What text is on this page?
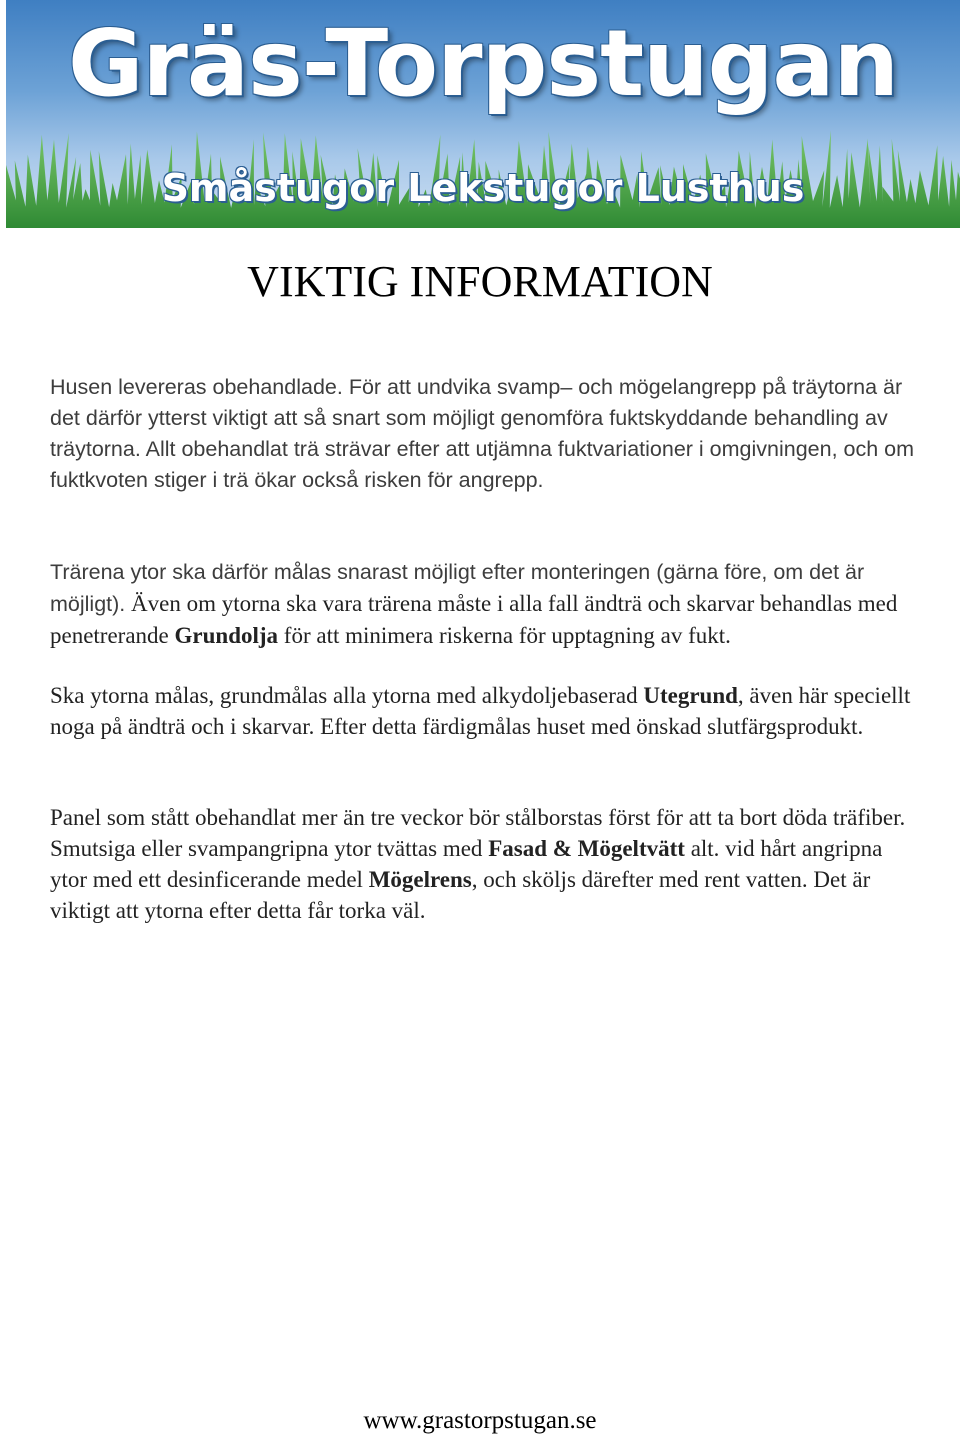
Gräs-Torpstugan
Småstugor Lekstugor Lusthus
VIKTIG INFORMATION

Husen levereras obehandlade. För att undvika svamp– och mögelangrepp på träytorna är det därför ytterst viktigt att så snart som möjligt genomföra fuktskyddande behandling av träytorna. Allt obehandlat trä strävar efter att utjämna fuktvariationer i omgivningen, och om fuktkvoten stiger i trä ökar också risken för angrepp.

Trärena ytor ska därför målas snarast möjligt efter monteringen (gärna före, om det är möjligt). Även om ytorna ska vara trärena måste i alla fall ändträ och skarvar behandlas med penetrerande Grundolja för att minimera riskerna för upptagning av fukt.

Ska ytorna målas, grundmålas alla ytorna med alkydoljebaserad Utegrund, även här speciellt noga på ändträ och i skarvar. Efter detta färdigmålas huset med önskad slutfärgsprodukt.

Panel som stått obehandlat mer än tre veckor bör stålborstas först för att ta bort döda träfiber. Smutsiga eller svampangripna ytor tvättas med Fasad & Mögeltvätt alt. vid hårt angripna ytor med ett desinficerande medel Mögelrens, och sköljs därefter med rent vatten. Det är viktigt att ytorna efter detta får torka väl.

www.grastorpstugan.se
